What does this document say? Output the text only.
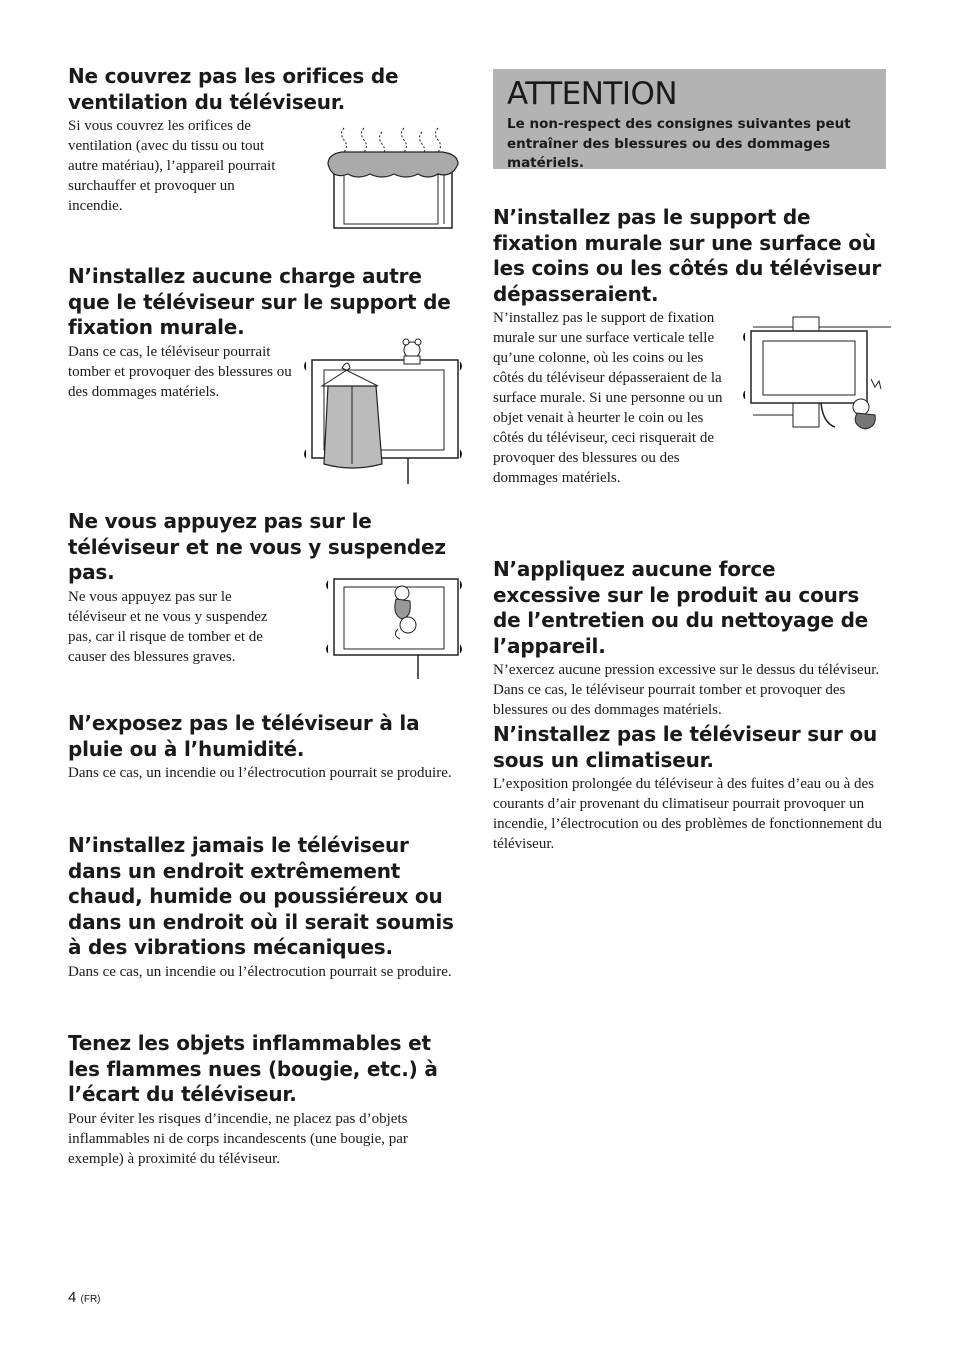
Ne couvrez pas les orifices de ventilation du téléviseur.

Si vous couvrez les orifices de ventilation (avec du tissu ou tout autre matériau), l’appareil pourrait surchauffer et provoquer un incendie.

N’installez aucune charge autre que le téléviseur sur le support de fixation murale.

Dans ce cas, le téléviseur pourrait tomber et provoquer des blessures ou des dommages matériels.

Ne vous appuyez pas sur le téléviseur et ne vous y suspendez pas.

Ne vous appuyez pas sur le téléviseur et ne vous y suspendez pas, car il risque de tomber et de causer des blessures graves.

N’exposez pas le téléviseur à la pluie ou à l’humidité.

Dans ce cas, un incendie ou l’électrocution pourrait se produire.

N’installez jamais le téléviseur dans un endroit extrêmement chaud, humide ou poussiéreux ou dans un endroit où il serait soumis à des vibrations mécaniques.

Dans ce cas, un incendie ou l’électrocution pourrait se produire.

Tenez les objets inflammables et les flammes nues (bougie, etc.) à l’écart du téléviseur.

Pour éviter les risques d’incendie, ne placez pas d’objets inflammables ni de corps incandescents (une bougie, par exemple) à proximité du téléviseur.

ATTENTION
Le non-respect des consignes suivantes peut entraîner des blessures ou des dommages matériels.
N’installez pas le support de fixation murale sur une surface où les coins ou les côtés du téléviseur dépasseraient.

N’installez pas le support de fixation murale sur une surface verticale telle qu’une colonne, où les coins ou les côtés du téléviseur dépasseraient de la surface murale. Si une personne ou un objet venait à heurter le coin ou les côtés du téléviseur, ceci risquerait de provoquer des blessures ou des dommages matériels.

N’appliquez aucune force excessive sur le produit au cours de l’entretien ou du nettoyage de l’appareil.

N’exercez aucune pression excessive sur le dessus du téléviseur. Dans ce cas, le téléviseur pourrait tomber et provoquer des blessures ou des dommages matériels.

N’installez pas le téléviseur sur ou sous un climatiseur.

L’exposition prolongée du téléviseur à des fuites d’eau ou à des courants d’air provenant du climatiseur pourrait provoquer un incendie, l’électrocution ou des problèmes de fonctionnement du téléviseur.

4 (FR)
